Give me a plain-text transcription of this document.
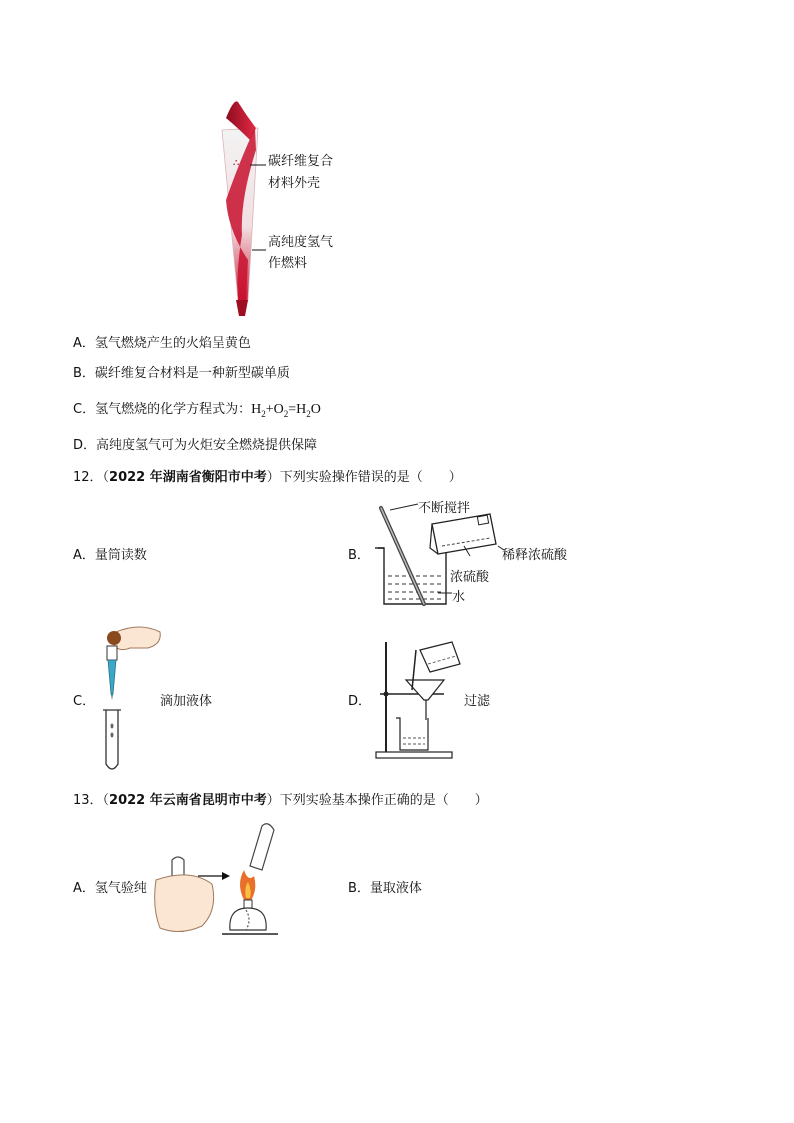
⛬ 碳纤维复合
材料外壳
高纯度氢气
作燃料
A．氢气燃烧产生的火焰呈黄色
B．碳纤维复合材料是一种新型碳单质
C．氢气燃烧的化学方程式为：$H_2+O_2=H_2O$
D．高纯度氢气可为火炬安全燃烧提供保障
12．（2022 年湖南省衡阳市中考）下列实验操作错误的是（　　）
A．量筒读数	B．
不断搅拌
稀释浓硫酸
浓硫酸
水
C．	滴加液体	D．	过滤
13．（2022 年云南省昆明市中考）下列实验基本操作正确的是（　　）
A．氢气验纯	B．量取液体
